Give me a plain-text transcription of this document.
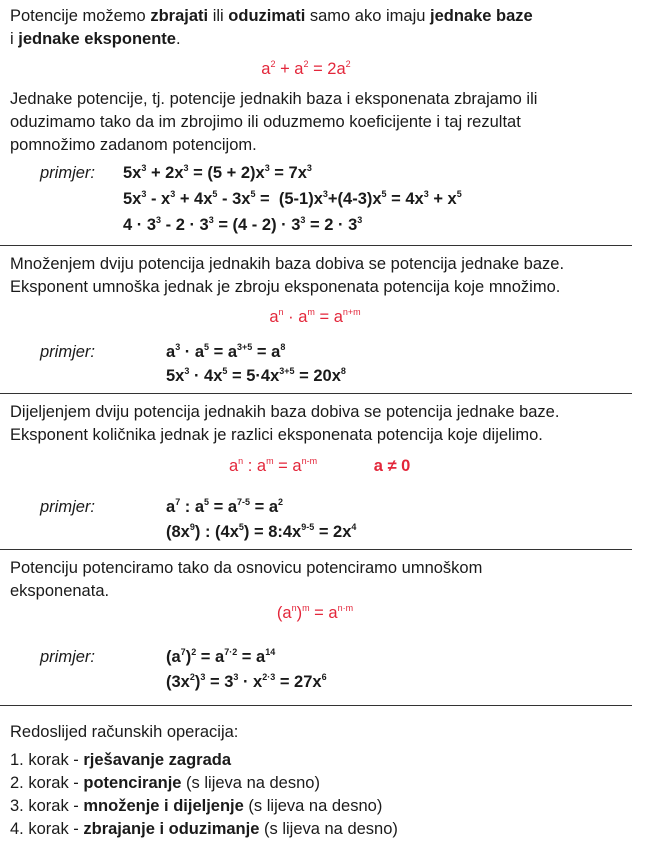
Potencije možemo zbrajati ili oduzimati samo ako imaju jednake baze
i jednake eksponente.
$a^2 + a^2 = 2a^2$
Jednake potencije, tj. potencije jednakih baza i eksponenata zbrajamo ili
oduzimamo tako da im zbrojimo ili oduzmemo koeficijente i taj rezultat
pomnožimo zadanom potencijom.
primjer: $5x^3 + 2x^3 = (5 + 2)x^3 = 7x^3$
$5x^3 - x^3 + 4x^5 - 3x^5 = (5-1)x^3+(4-3)x^5 = 4x^3 + x^5$
$4 \cdot 3^3 - 2 \cdot 3^3 = (4 - 2) \cdot 3^3 = 2 \cdot 3^3$
Množenjem dviju potencija jednakih baza dobiva se potencija jednake baze.
Eksponent umnoška jednak je zbroju eksponenata potencija koje množimo.
$a^n \cdot a^m = a^{n+m}$
primjer:	$a^3 \cdot a^5 = a^{3+5} = a^8$
$5x^3 \cdot 4x^5 = 5\cdot 4x^{3+5} = 20x^8$
Dijeljenjem dviju potencija jednakih baza dobiva se potencija jednake baze.
Eksponent količnika jednak je razlici eksponenata potencija koje dijelimo.
$a^n$ : $a^m = a^{n-m}$	a ≠ 0
primjer:	$a^7$ : $a^5 = a^{7-5} = a^2$
$(8x^9)$ : $(4x^5)$ = $8:4x^{9-5} = 2x^4$
Potenciju potenciramo tako da osnovicu potenciramo umnoškom
eksponenata.
$(a^n)^m = a^{n\cdot m}$
primjer:	$(a^7)^2 = a^{7\cdot 2} = a^{14}$
$(3x^2)^3 = 3^3 \cdot x^{2\cdot 3} = 27x^6$
Redoslijed računskih operacija:
1. korak - rješavanje zagrada
2. korak - potenciranje (s lijeva na desno)
3. korak - množenje i dijeljenje (s lijeva na desno)
4. korak - zbrajanje i oduzimanje (s lijeva na desno)
